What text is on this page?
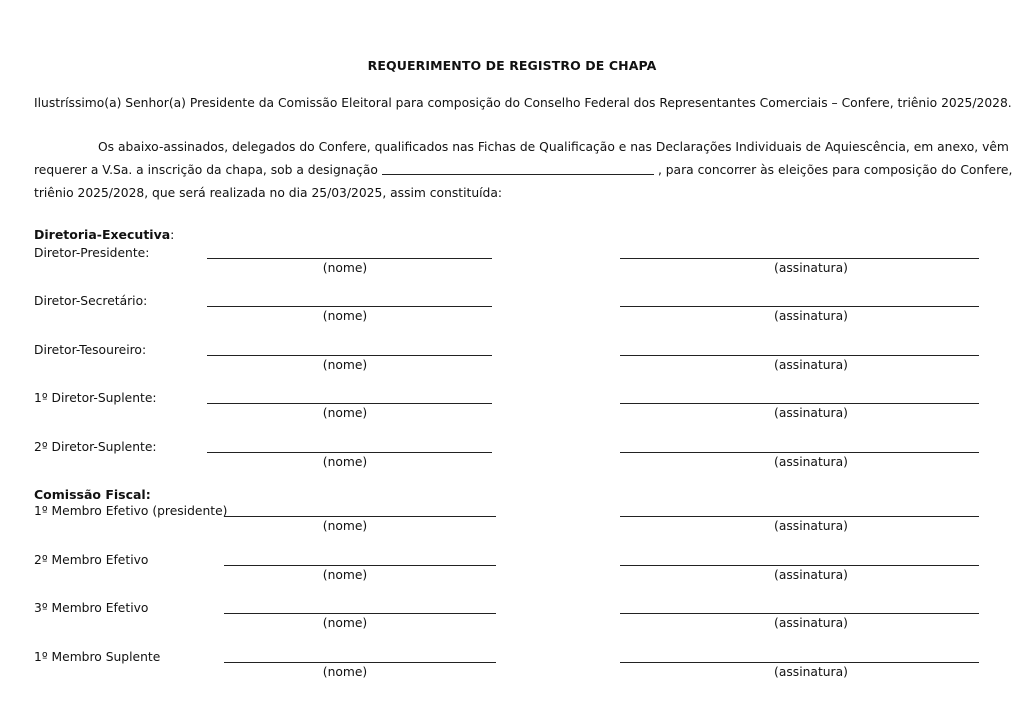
REQUERIMENTO DE REGISTRO DE CHAPA
Ilustríssimo(a) Senhor(a) Presidente da Comissão Eleitoral para composição do Conselho Federal dos Representantes Comerciais – Confere, triênio 2025/2028.
Os abaixo-assinados, delegados do Confere, qualificados nas Fichas de Qualificação e nas Declarações Individuais de Aquiescência, em anexo, vêm
requerer a V.Sa. a inscrição da chapa, sob a designação	, para concorrer às eleições para composição do Confere,
triênio 2025/2028, que será realizada no dia 25/03/2025, assim constituída:
Diretoria-Executiva:
Diretor-Presidente:
(nome)	(assinatura)
Diretor-Secretário:
(nome)	(assinatura)
Diretor-Tesoureiro:
(nome)	(assinatura)
1º Diretor-Suplente:
(nome)	(assinatura)
2º Diretor-Suplente:
(nome)	(assinatura)
Comissão Fiscal:
1º Membro Efetivo (presidente)
(nome)	(assinatura)
2º Membro Efetivo
(nome)	(assinatura)
3º Membro Efetivo
(nome)	(assinatura)
1º Membro Suplente
(nome)	(assinatura)
